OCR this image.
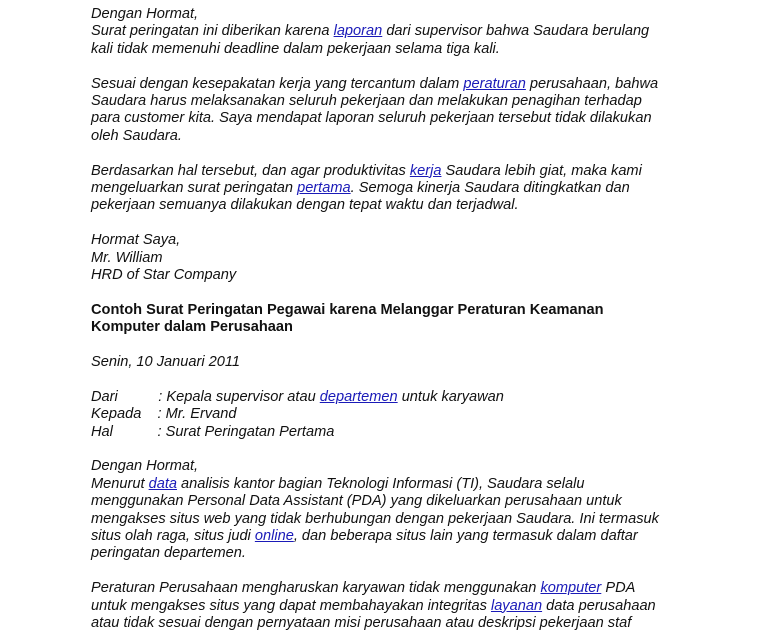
Dengan Hormat,

Surat peringatan ini diberikan karena laporan dari supervisor bahwa Saudara berulang
kali tidak memenuhi deadline dalam pekerjaan selama tiga kali.

Sesuai dengan kesepakatan kerja yang tercantum dalam peraturan perusahaan, bahwa
Saudara harus melaksanakan seluruh pekerjaan dan melakukan penagihan terhadap
para customer kita. Saya mendapat laporan seluruh pekerjaan tersebut tidak dilakukan
oleh Saudara.

Berdasarkan hal tersebut, dan agar produktivitas kerja Saudara lebih giat, maka kami
mengeluarkan surat peringatan pertama. Semoga kinerja Saudara ditingkatkan dan
pekerjaan semuanya dilakukan dengan tepat waktu dan terjadwal.

Hormat Saya,

Mr. William

HRD of Star Company

Contoh Surat Peringatan Pegawai karena Melanggar Peraturan Keamanan

Komputer dalam Perusahaan

Senin, 10 Januari 2011

Dari          : Kepala supervisor atau departemen untuk karyawan

Kepada    : Mr. Ervand

Hal           : Surat Peringatan Pertama

Dengan Hormat,

Menurut data analisis kantor bagian Teknologi Informasi (TI), Saudara selalu
menggunakan Personal Data Assistant (PDA) yang dikeluarkan perusahaan untuk
mengakses situs web yang tidak berhubungan dengan pekerjaan Saudara. Ini termasuk
situs olah raga, situs judi online, dan beberapa situs lain yang termasuk dalam daftar
peringatan departemen.

Peraturan Perusahaan mengharuskan karyawan tidak menggunakan komputer PDA
untuk mengakses situs yang dapat membahayakan integritas layanan data perusahaan
atau tidak sesuai dengan pernyataan misi perusahaan atau deskripsi pekerjaan staf
